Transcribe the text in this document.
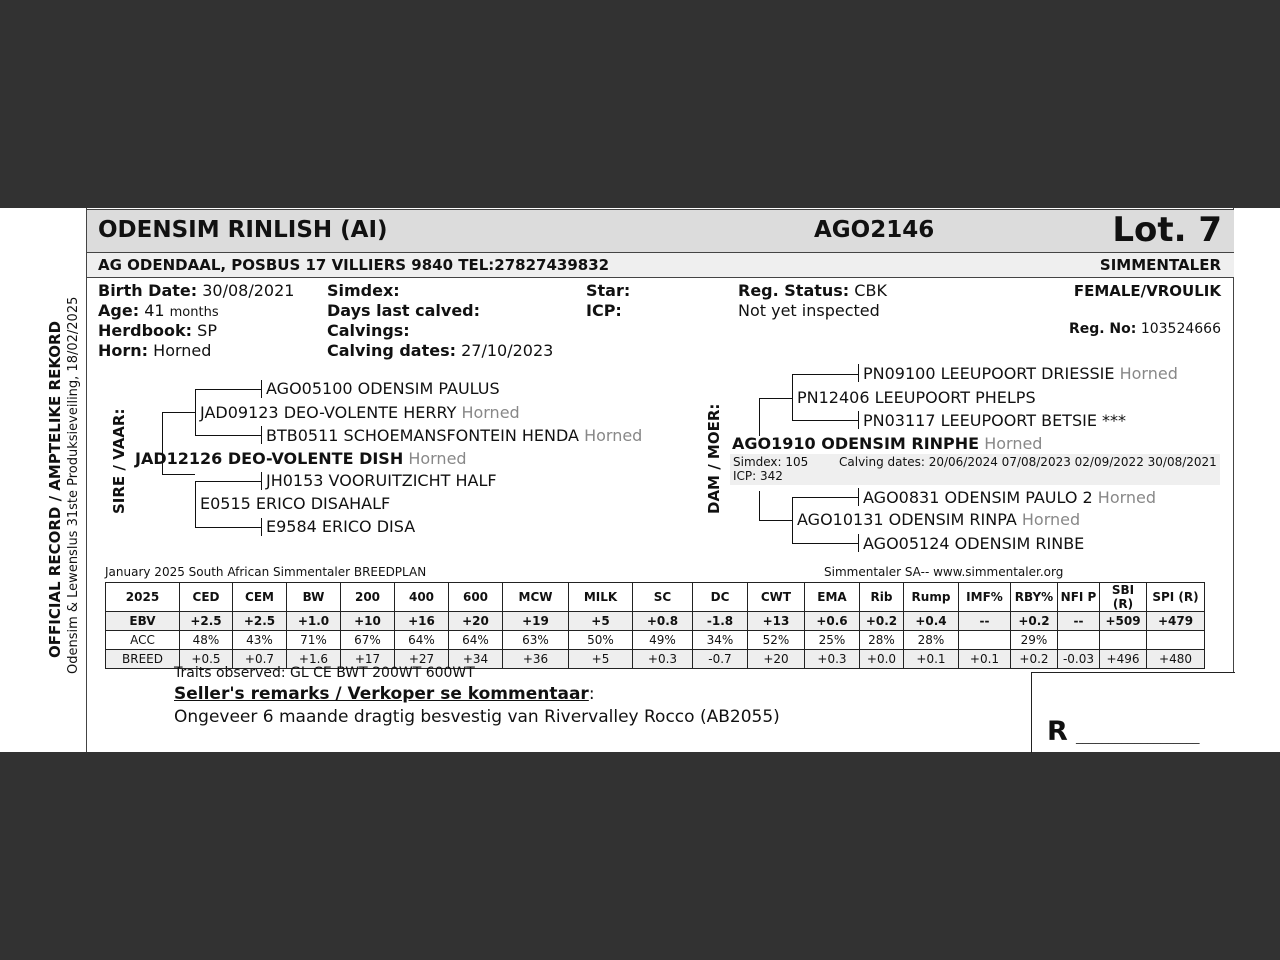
OFFICIAL RECORD / AMPTELIKE REKORD Odensim & Lewenslus 31ste Produksieveiling, 18/02/2025
ODENSIM RINLISH (AI)	AGO2146	Lot. 7
AG ODENDAAL, POSBUS 17 VILLIERS 9840 TEL:27827439832	SIMMENTALER
Birth Date: 30/08/2021
Age: 41 months
Herdbook: SP
Horn: Horned
Simdex:
Days last calved:
Calvings:
Calving dates: 27/10/2023
Star:
ICP:
Reg. Status: CBK
Not yet inspected
FEMALE/VROULIK
Reg. No: 103524666
SIRE / VAAR:
AGO05100 ODENSIM PAULUS
JAD09123 DEO-VOLENTE HERRY Horned
BTB0511 SCHOEMANSFONTEIN HENDA Horned
JAD12126 DEO-VOLENTE DISH Horned
JH0153 VOORUITZICHT HALF
E0515 ERICO DISAHALF
E9584 ERICO DISA
DAM / MOER:
PN09100 LEEUPOORT DRIESSIE Horned
PN12406 LEEUPOORT PHELPS
PN03117 LEEUPOORT BETSIE ***
AGO1910 ODENSIM RINPHE Horned
Simdex: 105	Calving dates: 20/06/2024 07/08/2023 02/09/2022 30/08/2021
ICP: 342
AGO0831 ODENSIM PAULO 2 Horned
AGO10131 ODENSIM RINPA Horned
AGO05124 ODENSIM RINBE
January 2025 South African Simmentaler BREEDPLAN	Simmentaler SA-- www.simmentaler.org
2025	CED	CEM	BW	200	400	600	MCW	MILK	SC	DC	CWT	EMA	Rib	Rump	IMF%	RBY%	NFI P	SBI (R)	SPI (R)
EBV	+2.5	+2.5	+1.0	+10	+16	+20	+19	+5	+0.8	-1.8	+13	+0.6	+0.2	+0.4	--	+0.2	--	+509	+479
ACC	48%	43%	71%	67%	64%	64%	63%	50%	49%	34%	52%	25%	28%	28%		29%			
BREED	+0.5	+0.7	+1.6	+17	+27	+34	+36	+5	+0.3	-0.7	+20	+0.3	+0.0	+0.1	+0.1	+0.2	-0.03	+496	+480
Traits observed: GL CE BWT 200WT 600WT
Seller's remarks / Verkoper se kommentaar:
Ongeveer 6 maande dragtig besvestig van Rivervalley Rocco (AB2055)	R ___________________
